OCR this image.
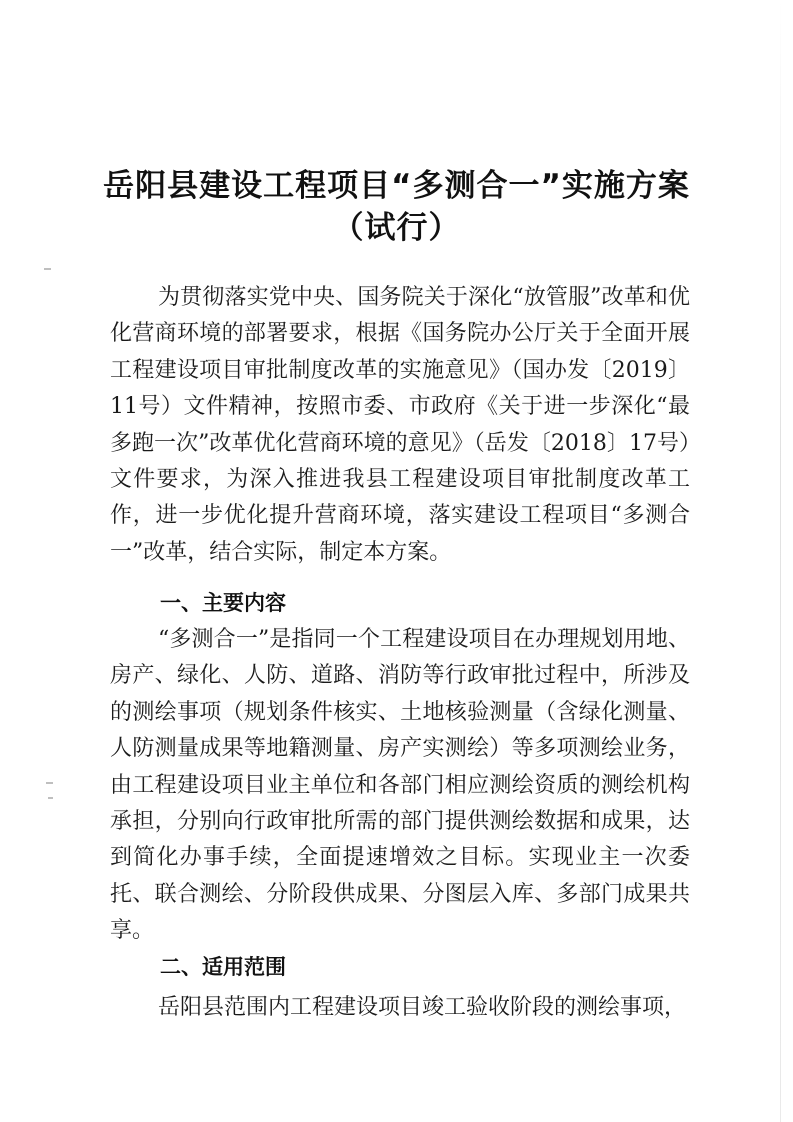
岳阳县建设工程项目“多测合一”实施方案
（试行）

为贯彻落实党中央、国务院关于深化“放管服”改革和优化营商环境的部署要求，根据《国务院办公厅关于全面开展工程建设项目审批制度改革的实施意见》（国办发〔2019〕11号）文件精神，按照市委、市政府《关于进一步深化“最多跑一次”改革优化营商环境的意见》（岳发〔2018〕17号）文件要求，为深入推进我县工程建设项目审批制度改革工作，进一步优化提升营商环境，落实建设工程项目“多测合一”改革，结合实际，制定本方案。

一、主要内容

“多测合一”是指同一个工程建设项目在办理规划用地、房产、绿化、人防、道路、消防等行政审批过程中，所涉及的测绘事项（规划条件核实、土地核验测量（含绿化测量、人防测量成果等地籍测量、房产实测绘）等多项测绘业务，由工程建设项目业主单位和各部门相应测绘资质的测绘机构承担，分别向行政审批所需的部门提供测绘数据和成果，达到简化办事手续，全面提速增效之目标。实现业主一次委托、联合测绘、分阶段供成果、分图层入库、多部门成果共享。

二、适用范围

岳阳县范围内工程建设项目竣工验收阶段的测绘事项，
